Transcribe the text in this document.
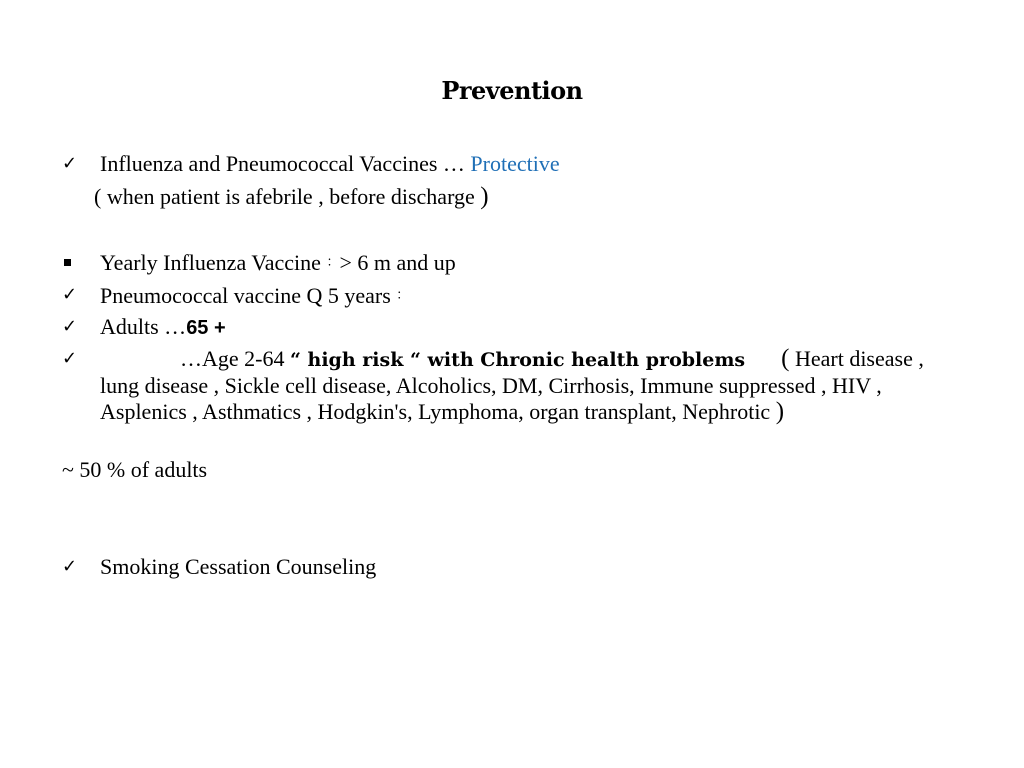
Prevention
✓ Influenza and Pneumococcal Vaccines … Protective
( when patient is afebrile , before discharge )
Yearly Influenza Vaccine ：> 6 m and up
✓ Pneumococcal vaccine Q 5 years ：
✓ Adults …65 +
✓	…Age 2-64 “ high risk “ with Chronic health problems ( Heart disease , lung disease , Sickle cell disease, Alcoholics, DM, Cirrhosis, Immune suppressed , HIV , Asplenics , Asthmatics , Hodgkin's, Lymphoma, organ transplant, Nephrotic )
~ 50 % of adults
✓ Smoking Cessation Counseling
